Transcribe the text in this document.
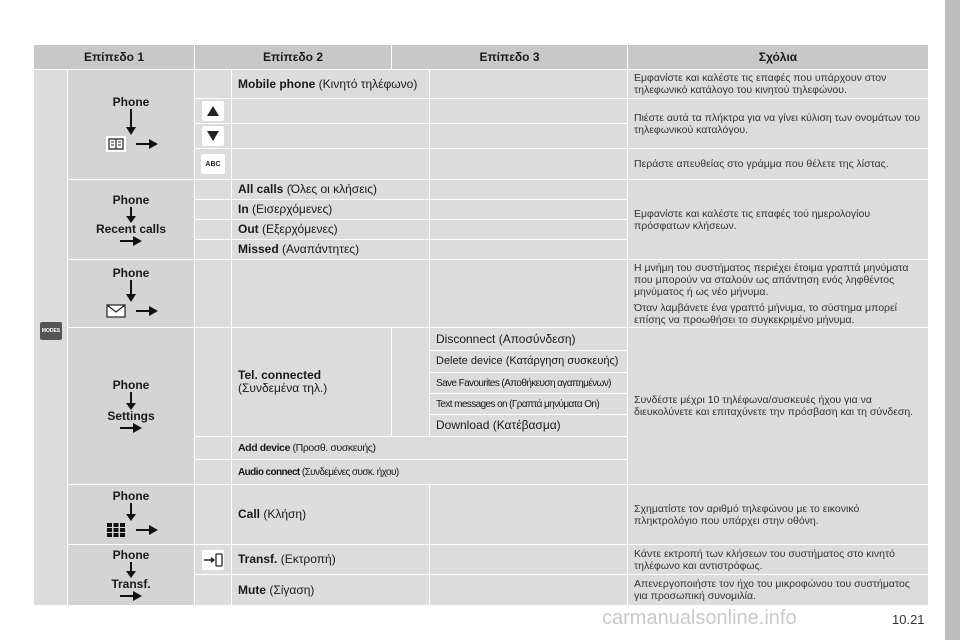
Επίπεδο 1		Επίπεδο 2		Επίπεδο 3		Σχόλια

	Phone		Mobile phone (Κινητό τηλέφωνο)			Εμφανίστε και καλέστε τις επαφές που υπάρχουν στον τηλεφωνικό κατάλογο του κινητού τηλεφώνου.

			Πιέστε αυτά τα πλήκτρα για να γίνει κύλιση των ονομάτων του τηλεφωνικού καταλόγου.

		ABC				Περάστε απευθείας στο γράμμα που θέλετε της λίστας.

	Phone
Recent calls		All calls (Όλες οι κλήσεις)			Εμφανίστε και καλέστε τις επαφές τού ημερολογίου πρόσφατων κλήσεων.
			In (Εισερχόμενες)			
			Out (Εξερχόμενες)			
			Missed (Αναπάντητες)			

	Phone					Η μνήμη του συστήματος περιέχει έτοιμα γραπτά μηνύματα που μπορούν να σταλούν ως απάντηση ενός ληφθέντος μηνύματος ή ως νέο μήνυμα.

Όταν λαμβάνετε ένα γραπτό μήνυμα, το σύστημα μπορεί επίσης να προωθήσει το συγκεκριμένο μήνυμα.

	Phone
Settings		Tel. connected
(Συνδεμένα τηλ.)		Disconnect (Αποσύνδεση)	Συνδέστε μέχρι 10 τηλέφωνα/συσκευές ήχου για να διευκολύνετε και επιταχύνετε την πρόσβαση και τη σύνδεση.
					Delete device (Κατάργηση συσκευής)	
					Save Favourites (Αποθήκευση αγαπημένων)	
					Text messages on (Γραπτά μηνύματα On)	
					Download (Κατέβασμα)	
			Add device (Προσθ. συσκευής)			
			Audio connect (Συνδεμένες συσκ. ήχου)			

	Phone		Call (Κλήση)			Σχηματίστε τον αριθμό τηλεφώνου με το εικονικό πληκτρολόγιο που υπάρχει στην οθόνη.

	Phone
Transf.		Transf. (Εκτροπή)			Κάντε εκτροπή των κλήσεων του συστήματος στο κινητό τηλέφωνο και αντιστρόφως.
			Mute (Σίγαση)			Απενεργοποιήστε τον ήχο του μικροφώνου του συστήματος για προσωπική συνομιλία.
MODES
carmanualsonline.info	10.21
